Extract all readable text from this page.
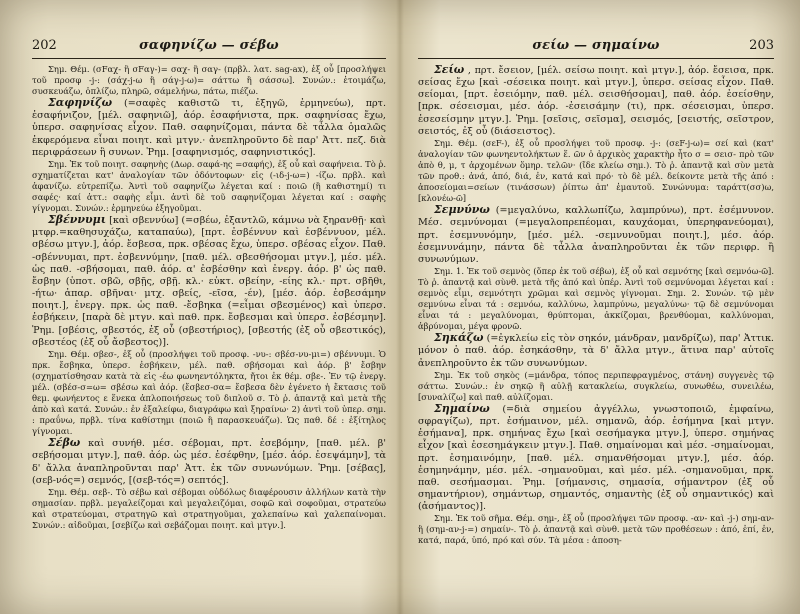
202	σαφηνίζω — σέβω

Σημ. Θέμ. (σFαχ- ἢ σFαγ-)= σαχ- ἢ σαγ- (πρβλ. λατ. sag-ax), ἐξ οὗ [προσλήψει τοῦ προσφ -j-: (σάχ-j-ω ἢ σάγ-j-ω)= σάττω ἢ σάσσω]. Συνών.: ἑτοιμάζω, συσκευάζω, ὁπλίζω, πληρῶ, σάμελήνω, πάτω, πιέζω.

Σαφηνίζω (=σαφὲς καθιστῶ τι, ἐξηγῶ, ἑρμηνεύω), πρτ. ἐσαφήνιζον, [μέλ. σαφηνιῶ], ἀόρ. ἐσαφήνιστα, πρκ. σαφηνίσας ἔχω, ὑπερσ. σαφηνίσας εἶχον. Παθ. σαφηνίζομαι, πάντα δὲ τἆλλα ὁμαλῶς ἐκφερόμενα εἶναι ποιητ. καὶ μτγν.· ἀνεπληροῦντο δὲ παρ' Ἀττ. πεζ. διὰ περιφράσεων ἢ συνων. Ῥημ. [σαφηνισμός, σαφηνιστικός].

Σημ. Ἐκ τοῦ ποιητ. σαφηνὴς (Δωρ. σαφά-ης =σαφής), ἐξ οὗ καὶ σαφήνεια. Τὸ ῥ. σχηματίζεται κατ' ἀναλογίαν τῶν ὀδόντοφων· εἰς (-ιδ-j-ω=) -ίζω. πρβλ. καὶ ἀφανίζω. εὐτρεπίζω. Ἀντὶ τοῦ σαφηνίζω λέγεται καί : ποιῶ (ἢ καθιστημί) τι σαφές· καί ἀττ.: σαφὴς εἶμι. ἀντὶ δὲ τοῦ σαφηνίζομαι λέγεται καί : σαφὴς γίγνομαι. Συνών.: ἑρμηνεύω ἐξηγοῦμαι.

Σβέννυμι [καὶ σβεννύω] (=σβέω, ἐξαντλῶ, κάμνω νὰ ξηρανθῇ· καὶ μτφρ.=καθησυχάζω, καταπαύω), [πρτ. ἐσβέννυν καὶ ἐσβέννυον, μέλ. σβέσω μτγν.], ἀόρ. ἔσβεσα, πρκ. σβέσας ἔχω, ὑπερσ. σβέσας εἶχον. Παθ. -σβέννυμαι, πρτ. ἐσβεννύμην, [παθ. μέλ. σβεσθήσομαι μτγν.], μέσ. μέλ. ὡς παθ. -σβήσομαι, παθ. ἀόρ. α' ἐσβέσθην καὶ ἐνεργ. ἀόρ. β' ὡς παθ. ἔσβην (ὑποτ. σβῶ, σβῇς, σβῇ. κλ.· εὐκτ. σβείην, -είης κλ.· πρτ. σβῆθι, -ήτω· ἀπαρ. σβῆναι· μτχ. σβείς, -εῖσα, -έν), [μέσ. ἀόρ. ἐσβεσάμην ποιητ.], ἐνεργ. πρκ. ὡς παθ. -ἔσβηκα (=εἶμαι σβεσμένος) καὶ ὑπερσ. ἐσβήκειν, [παρὰ δὲ μτγν. καὶ παθ. πρκ. ἔσβεσμαι καὶ ὑπερσ. ἐσβέσμην]. Ῥημ. [σβέσις, σβεστός, ἐξ οὗ (σβεστήριος), [σβεστής (ἐξ οὗ σβεστικός), σβεστέος (ἐξ οὗ ἄσβεστος)].

Σημ. Θέμ. σβεσ-, ἐξ οὗ (προσλήψει τοῦ προσφ. -νυ-: σβέσ-νυ-μι=) σβέννυμι. Ὁ πρκ. ἔσβηκα, ὑπερσ. ἐσβήκειν, μέλ. παθ. σβήσομαι καὶ ἀόρ. β' ἔσβην (σχηματίσθησαν κατὰ τὰ εἰς -έω φωνηεντόληκτα, ἤτοι ἐκ θέμ. σβε-. Ἐν τῷ ἐνεργ. μέλ. (σβέσ-σ=ω= σβέσω καὶ ἀόρ. (ἔσβεσ-σα= ἔσβεσα δὲν ἐγένετο ἡ ἔκτασις τοῦ θεμ. φωνήεντος ε ἕνεκα ἀπλοποιήσεως τοῦ διπλοῦ σ. Τὸ ῥ. ἀπαντᾷ καὶ μετὰ τῆς ἀπὸ καὶ κατά. Συνών.: ἐν ἐξαλείφω, διαγράφω καὶ ξηραίνω· 2) ἀντὶ τοῦ ὑπερ. σημ. : πραΰνω, πρβλ. τίνα καθίστημι (ποιῶ ἢ παρασκευάζω). Ὡς παθ. δέ : ἐξίτηλος γίγνομαι.

Σέβω καὶ συνήθ. μέσ. σέβομαι, πρτ. ἐσεβόμην, [παθ. μέλ. β' σεβήσομαι μτγν.], παθ. ἀόρ. ὡς μέσ. ἐσέφθην, [μέσ. ἀόρ. ἐσεψάμην], τὰ δ' ἄλλα ἀναπληροῦνται παρ' Ἀττ. ἐκ τῶν συνωνύμων. Ῥημ. [σέβας], (σεβ-νός=) σεμνός, [(σεβ-τός=) σεπτός].

Σημ. Θέμ. σεβ-. Τὸ σέβω καὶ σέβομαι οὐδόλως διαφέρουσιν ἀλλήλων κατὰ τὴν σημασίαν. πρβλ. μεγαλείζομαι καὶ μεγαλειζόμαι, σοφῶ καὶ σοφοῦμαι, στρατεύω καὶ στρατεύομαι, στρατηγῶ καὶ στρατηγοῦμαι, χαλεπαίνω καὶ χαλεπαίνομαι. Συνών.: αἰδοῦμαι, [σεβίζω καὶ σεβάζομαι ποιητ. καὶ μτγν.].

σείω — σημαίνω	203

Σείω , πρτ. ἔσειον, [μέλ. σείσω ποιητ. καὶ μτγν.], ἀόρ. ἔσεισα, πρκ. σείσας ἔχω [καὶ -σέσεικα ποιητ. καὶ μτγν.], ὑπερσ. σείσας εἶχον. Παθ. σείομαι, [πρτ. ἐσειόμην, παθ. μέλ. σεισθήσομαι], παθ. ἀόρ. ἐσείσθην, [πρκ. σέσεισμαι, μέσ. ἀόρ. -ἐσεισάμην (τι), πρκ. σέσεισμαι, ὑπερσ. ἐσεσείσμην μτγν.]. Ῥημ. [σεῖσις, σεῖσμα], σεισμός, [σειστής, σεῖστρον, σειστός, ἐξ οὗ (διάσειστος).

Σημ. Θέμ. (σεF-), ἐξ οὗ προσλήψει τοῦ προσφ. -j-: (σεF-j-ω)= σεί καὶ (κατ' ἀναλογίαν τῶν φωνηεντολήκτων ἕ. ῶν ὁ ἀρχικὸς χαρακτὴρ ἦτο σ = σεισ- πρὸ τῶν ἀπὸ θ, μ, τ ἀρχομένων ὅμηρ. τελῶν· (ἴδε κλείω σημ.). Τὸ ῥ. ἀπαντᾷ καὶ σὺν μετὰ τῶν προθ.: ἀνά, ἀπό, διά, ἐν, κατά καὶ πρό· τὸ δὲ μέλ. δείκοντε μετὰ τῆς ἀπό : ἀποσείομαι=σείων (τινάσσων) ῥίπτω ἀπ' ἐμαυτοῦ. Συνώνυμα: ταράττ(σσ)ω, [κλονέω-ῶ]

Σεμνύνω (=μεγαλύνω, καλλωπίζω, λαμπρύνω), πρτ. ἐσέμνυνον. Μέσ. σεμνύνομαι (=μεγαλοπρεπέομαι, καυχάομαι, ὑπερηφανεύομαι), πρτ. ἐσεμνυνόμην, [μέσ. μέλ. -σεμνυνοῦμαι ποιητ.], μέσ. ἀόρ. ἐσεμνυνάμην, πάντα δὲ τἆλλα ἀναπληροῦνται ἐκ τῶν περιφρ. ἢ συνωνύμων.

Σημ. 1. Ἐκ τοῦ σεμνὸς (ὅπερ ἐκ τοῦ σέβω), ἐξ οὗ καὶ σεμνότης [καὶ σεμνόω-ῶ]. Τὸ ῥ. ἀπαντᾷ καὶ σὺνθ. μετὰ τῆς ἀπό καὶ ὑπέρ. Ἀντὶ τοῦ σεμνύνομαι λέγεται καί : σεμνὸς εἶμι, σεμνότητι χρῶμαι καὶ σεμνὸς γίγνομαι. Σημ. 2. Συνών. τῷ μὲν σεμνύνω εἶναι τά : σεμνόω, καλλύνω, λαμπρύνω, μεγαλύνω· τῷ δὲ σεμνύνομαι εἶναι τά : μεγαλύνομαι, θρύπτομαι, ἀκκίζομαι, βρενθύομαι, καλλύνομαι, ἁβρύνομαι, μέγα φρονῶ.

Σηκάζω (=ἐγκλείω εἰς τὸν σηκόν, μάνδραν, μανδρίζω), παρ' Ἀττικ. μόνον ὁ παθ. ἀόρ. ἐσηκάσθην, τὰ δ' ἄλλα μτγν., ἅτινα παρ' αὐτοῖς ἀνεπληροῦντο ἐκ τῶν συνωνύμων.

Σημ. Ἐκ τοῦ σηκὸς (=μάνδρα, τόπος περιπεφραγμένος, στάνη) συγγενὲς τῷ σάττω. Συνών.: ἐν σηκῷ ἢ αὐλῇ κατακλείω, συγκλείω, συνωθέω, συνειλέω, [συναλίζω] καὶ παθ. αὐλίζομαι.

Σημαίνω (=διὰ σημείου ἀγγέλλω, γνωστοποιῶ, ἐμφαίνω, σφραγίζω), πρτ. ἐσήμαινον, μέλ. σημανῶ, ἀόρ. ἐσήμηνα [καὶ μτγν. ἐσήμανα], πρκ. σημήνας ἔχω [καὶ σεσήμαγκα μτγν.], ὑπερσ. σημήνας εἶχον [καὶ ἐσεσημάγκειν μτγν.]. Παθ. σημαίνομαι καὶ μέσ. -σημαίνομαι, πρτ. ἐσημαινόμην, [παθ. μέλ. σημανθήσομαι μτγν.], μέσ. ἀόρ. ἐσημηνάμην, μέσ. μέλ. -σημανοῦμαι, καὶ μέσ. μέλ. -σημανοῦμαι, πρκ. παθ. σεσήμασμαι. Ῥημ. [σήμανσις, σημασία, σήμαντρον (ἐξ οὗ σημαντήριον), σημάντωρ, σημαντός, σημαντὴς (ἐξ οὗ σημαντικός) καὶ (ἀσήμαντος)].

Σημ. Ἐκ τοῦ σῆμα. Θέμ. σημ-, ἐξ οὗ (προσλήψει τῶν προσφ. -αν- καὶ -j-) σημ-αν- ἢ (σημ-αν-j-=) σημαίν-. Τὸ ῥ. ἀπαντᾷ καὶ σὺνθ. μετὰ τῶν προθέσεων : ἀπό, ἐπί, ἐν, κατά, παρά, ὑπό, πρό καὶ σύν. Τὰ μέσα : ἀποση-
